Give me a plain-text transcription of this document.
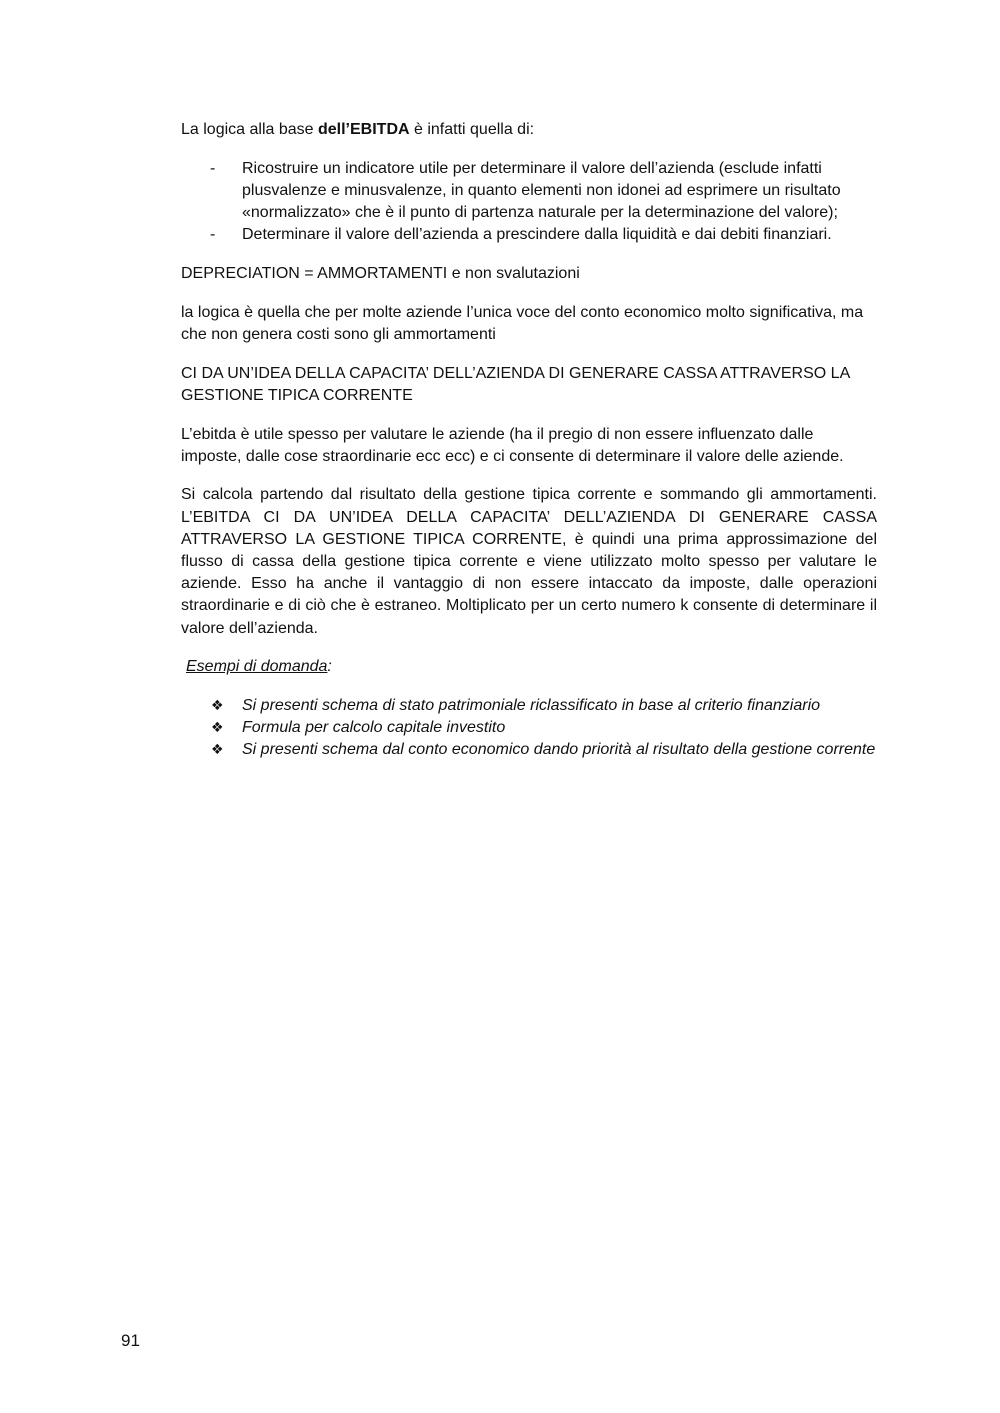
La logica alla base dell’EBITDA è infatti quella di:

- Ricostruire un indicatore utile per determinare il valore dell’azienda (esclude infatti plusvalenze e minusvalenze, in quanto elementi non idonei ad esprimere un risultato «normalizzato» che è il punto di partenza naturale per la determinazione del valore);
- Determinare il valore dell’azienda a prescindere dalla liquidità e dai debiti finanziari.

DEPRECIATION = AMMORTAMENTI e non svalutazioni

la logica è quella che per molte aziende l’unica voce del conto economico molto significativa, ma che non genera costi sono gli ammortamenti

CI DA UN’IDEA DELLA CAPACITA’ DELL’AZIENDA DI GENERARE CASSA ATTRAVERSO LA GESTIONE TIPICA CORRENTE

L’ebitda è utile spesso per valutare le aziende (ha il pregio di non essere influenzato dalle imposte, dalle cose straordinarie ecc ecc) e ci consente di determinare il valore delle aziende.

Si calcola partendo dal risultato della gestione tipica corrente e sommando gli ammortamenti. L’EBITDA CI DA UN’IDEA DELLA CAPACITA’ DELL’AZIENDA DI GENERARE CASSA ATTRAVERSO LA GESTIONE TIPICA CORRENTE, è quindi una prima approssimazione del flusso di cassa della gestione tipica corrente e viene utilizzato molto spesso per valutare le aziende. Esso ha anche il vantaggio di non essere intaccato da imposte, dalle operazioni straordinarie e di ciò che è estraneo. Moltiplicato per un certo numero k consente di determinare il valore dell’azienda.

Esempi di domanda:

❖ Si presenti schema di stato patrimoniale riclassificato in base al criterio finanziario
❖ Formula per calcolo capitale investito
❖ Si presenti schema dal conto economico dando priorità al risultato della gestione corrente
91
